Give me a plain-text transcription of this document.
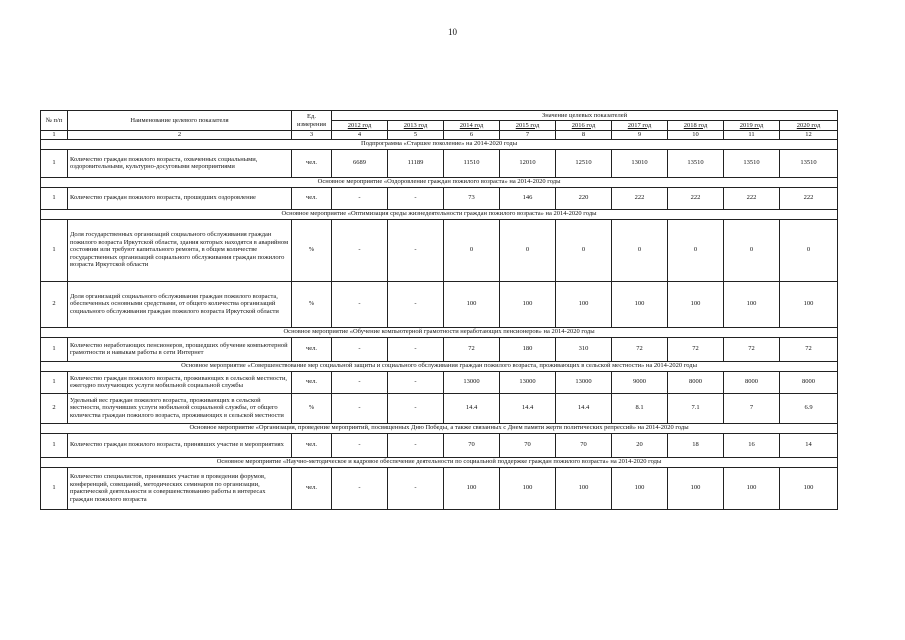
10
№ п/п	Наименование целевого показателя	Ед. измерения	Значение целевых показателей								
			2012 год	2013 год	2014 год	2015 год	2016 год	2017 год	2018 год	2019 год	2020 год
1	2	3	4	5	6	7	8	9	10	11	12
Подпрограмма «Старшее поколение» на 2014-2020 годы											
1	Количество граждан пожилого возраста, охваченных социальными, оздоровительными, культурно-досуговыми мероприятиями	чел.	6689	11189	11510	12010	12510	13010	13510	13510	13510
Основное мероприятие «Оздоровление граждан пожилого возраста» на 2014-2020 годы											
1	Количество граждан пожилого возраста, прошедших оздоровление	чел.	-	-	73	146	220	222	222	222	222
Основное мероприятие «Оптимизация среды жизнедеятельности граждан пожилого возраста» на 2014-2020 годы											
1	Доля государственных организаций социального обслуживания граждан пожилого возраста Иркутской области, здания которых находятся в аварийном состоянии или требуют капитального ремонта, в общем количестве государственных организаций социального обслуживания граждан пожилого возраста Иркутской области	%	-	-	0	0	0	0	0	0	0
2	Доля организаций социального обслуживания граждан пожилого возраста, обеспеченных основными средствами, от общего количества организаций социального обслуживания граждан пожилого возраста Иркутской области	%	-	-	100	100	100	100	100	100	100
Основное мероприятие «Обучение компьютерной грамотности неработающих пенсионеров» на 2014-2020 годы											
1	Количество неработающих пенсионеров, прошедших обучение компьютерной грамотности и навыкам работы в сети Интернет	чел.	-	-	72	180	310	72	72	72	72
Основное мероприятие «Совершенствование мер социальной защиты и социального обслуживания граждан пожилого возраста, проживающих в сельской местности» на 2014-2020 годы											
1	Количество граждан пожилого возраста, проживающих в сельской местности, ежегодно получающих услуги мобильной социальной службы	чел.	-	-	13000	13000	13000	9000	8000	8000	8000
2	Удельный вес граждан пожилого возраста, проживающих в сельской местности, получивших услуги мобильной социальной службы, от общего количества граждан пожилого возраста, проживающих в сельской местности	%	-	-	14.4	14.4	14.4	8.1	7.1	7	6.9
Основное мероприятие «Организация, проведение мероприятий, посвященных Дню Победы, а также связанных с Днем памяти жертв политических репрессий» на 2014-2020 годы											
1	Количество граждан пожилого возраста, принявших участие в мероприятиях	чел.	-	-	70	70	70	20	18	16	14
Основное мероприятие «Научно-методическое и кадровое обеспечение деятельности по социальной поддержке граждан пожилого возраста» на 2014-2020 годы											
1	Количество специалистов, принявших участие в проведении форумов, конференций, совещаний, методических семинаров по организации, практической деятельности и совершенствованию работы в интересах граждан пожилого возраста	чел.	-	-	100	100	100	100	100	100	100
